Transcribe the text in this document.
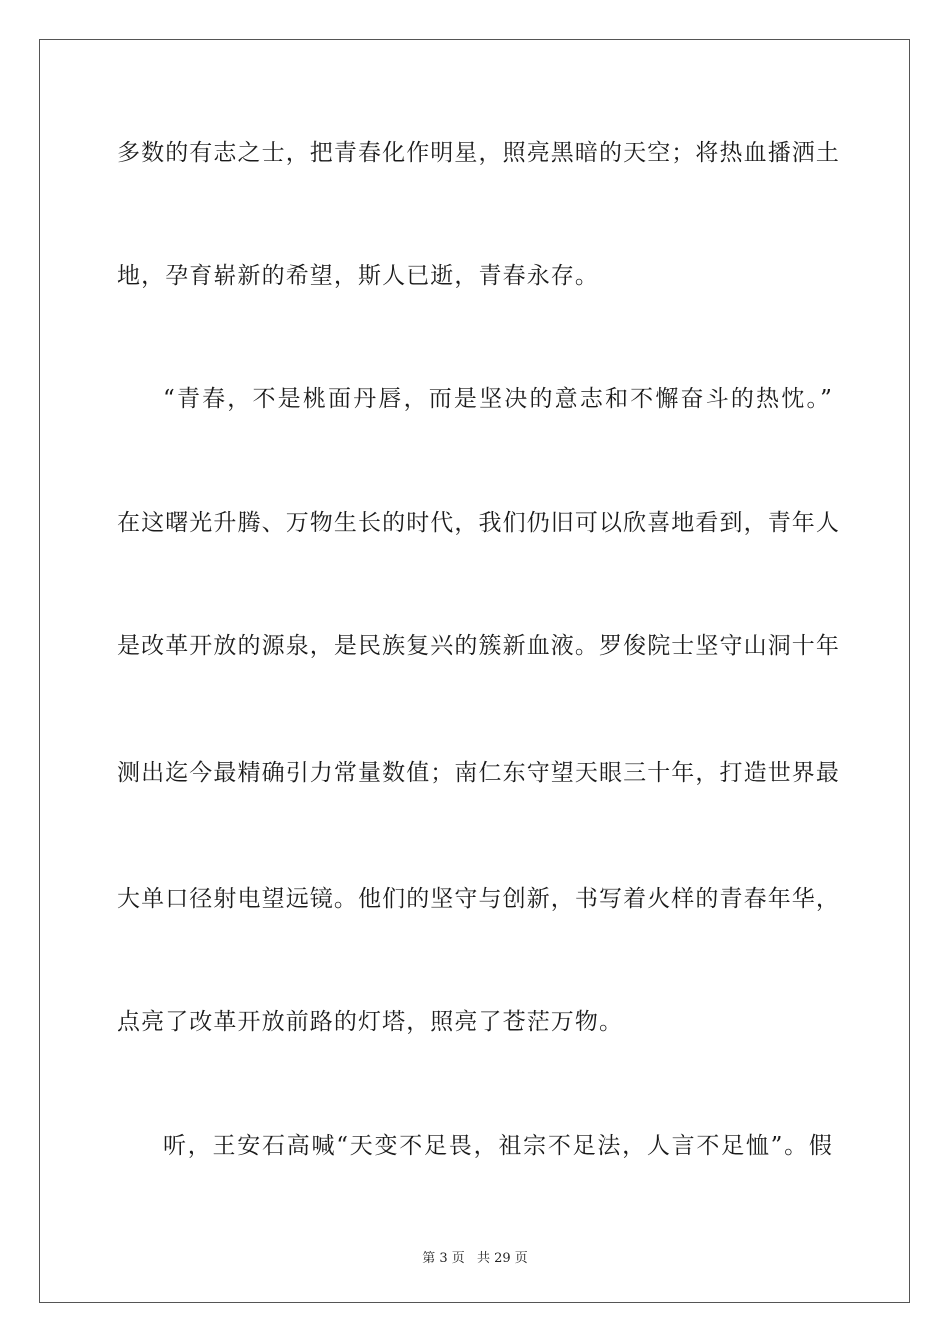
多数的有志之士，把青春化作明星，照亮黑暗的天空；将热血播洒土
地，孕育崭新的希望，斯人已逝，青春永存。
“青春，不是桃面丹唇，而是坚决的意志和不懈奋斗的热忱。”
在这曙光升腾、万物生长的时代，我们仍旧可以欣喜地看到，青年人
是改革开放的源泉，是民族复兴的簇新血液。罗俊院士坚守山洞十年
测出迄今最精确引力常量数值；南仁东守望天眼三十年，打造世界最
大单口径射电望远镜。他们的坚守与创新，书写着火样的青春年华，
点亮了改革开放前路的灯塔，照亮了苍茫万物。
听，王安石高喊“天变不足畏，祖宗不足法，人言不足恤”。假
第 3 页 共 29 页
